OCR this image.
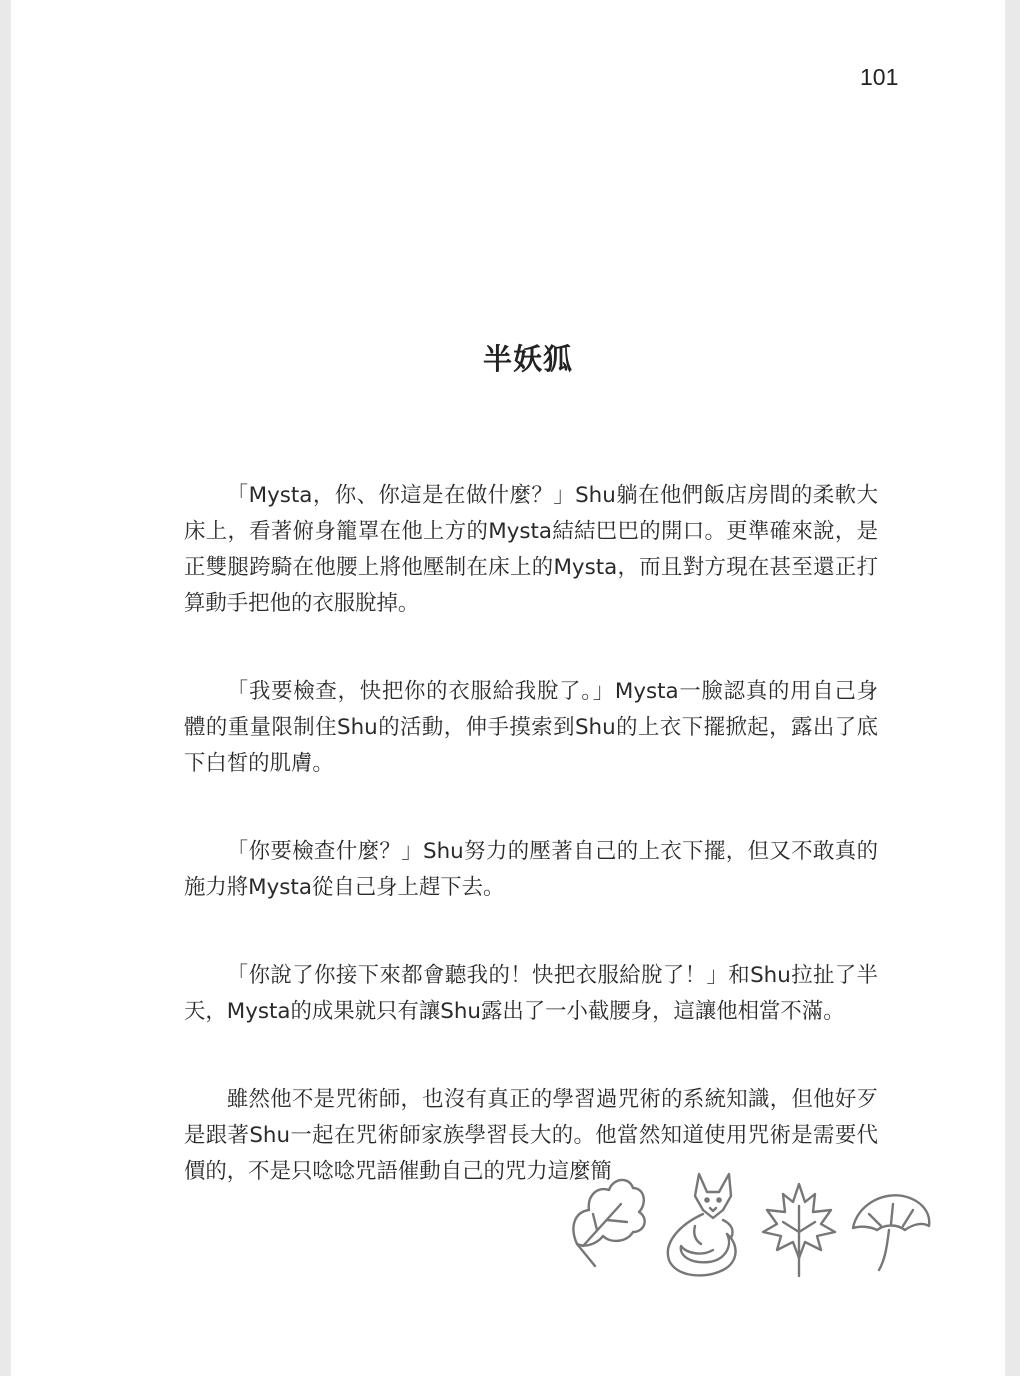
101
半妖狐

「Mysta，你、你這是在做什麼？」Shu躺在他們飯店房間的柔軟大床上，看著俯身籠罩在他上方的Mysta結結巴巴的開口。更準確來說，是正雙腿跨騎在他腰上將他壓制在床上的Mysta，而且對方現在甚至還正打算動手把他的衣服脫掉。

「我要檢查，快把你的衣服給我脫了。」Mysta一臉認真的用自己身體的重量限制住Shu的活動，伸手摸索到Shu的上衣下擺掀起，露出了底下白皙的肌膚。

「你要檢查什麼？」Shu努力的壓著自己的上衣下擺，但又不敢真的施力將Mysta從自己身上趕下去。

「你說了你接下來都會聽我的！快把衣服給脫了！」和Shu拉扯了半天，Mysta的成果就只有讓Shu露出了一小截腰身，這讓他相當不滿。

雖然他不是咒術師，也沒有真正的學習過咒術的系統知識，但他好歹是跟著Shu一起在咒術師家族學習長大的。他當然知道使用咒術是需要代價的，不是只唸唸咒語催動自己的咒力這麼簡
